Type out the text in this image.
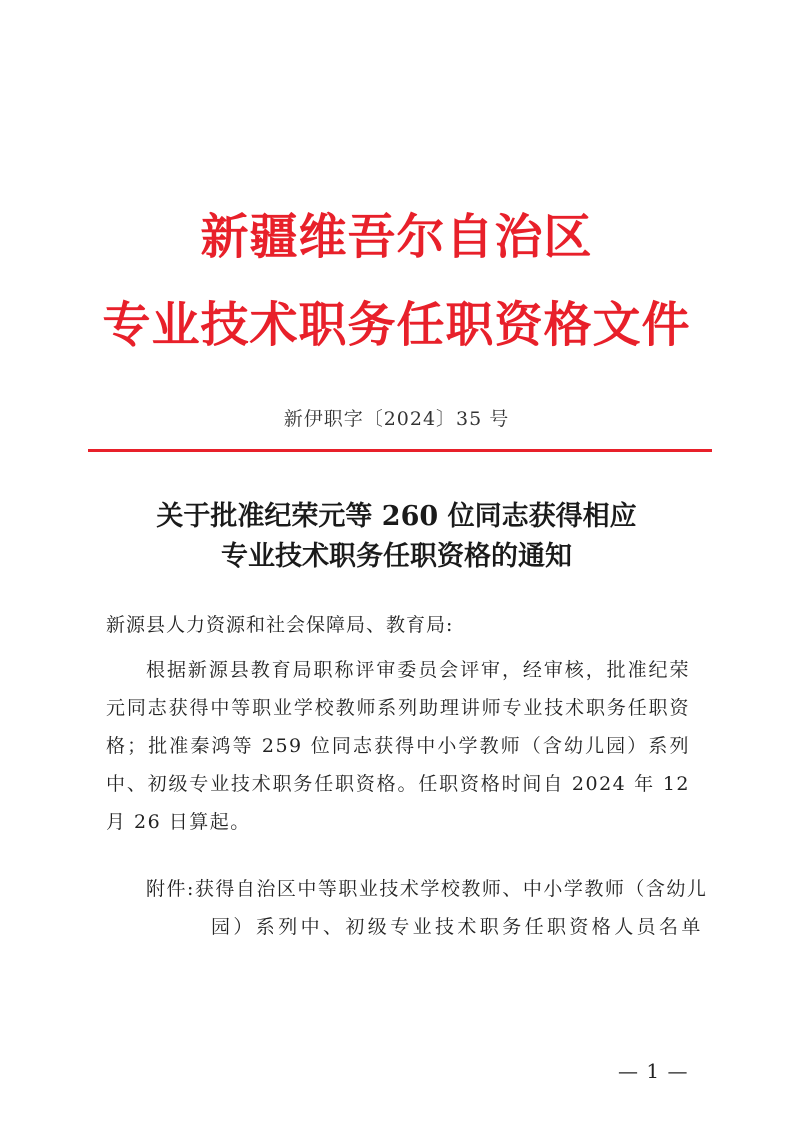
新疆维吾尔自治区
专业技术职务任职资格文件
新伊职字〔2024〕35 号
关于批准纪荣元等 260 位同志获得相应
专业技术职务任职资格的通知
新源县人力资源和社会保障局、教育局:

根据新源县教育局职称评审委员会评审，经审核，批准纪荣元同志获得中等职业学校教师系列助理讲师专业技术职务任职资格；批准秦鸿等 259 位同志获得中小学教师（含幼儿园）系列中、初级专业技术职务任职资格。任职资格时间自 2024 年 12 月 26 日算起。

附件:获得自治区中等职业技术学校教师、中小学教师（含幼儿
园）系列中、初级专业技术职务任职资格人员名单
— 1 —
